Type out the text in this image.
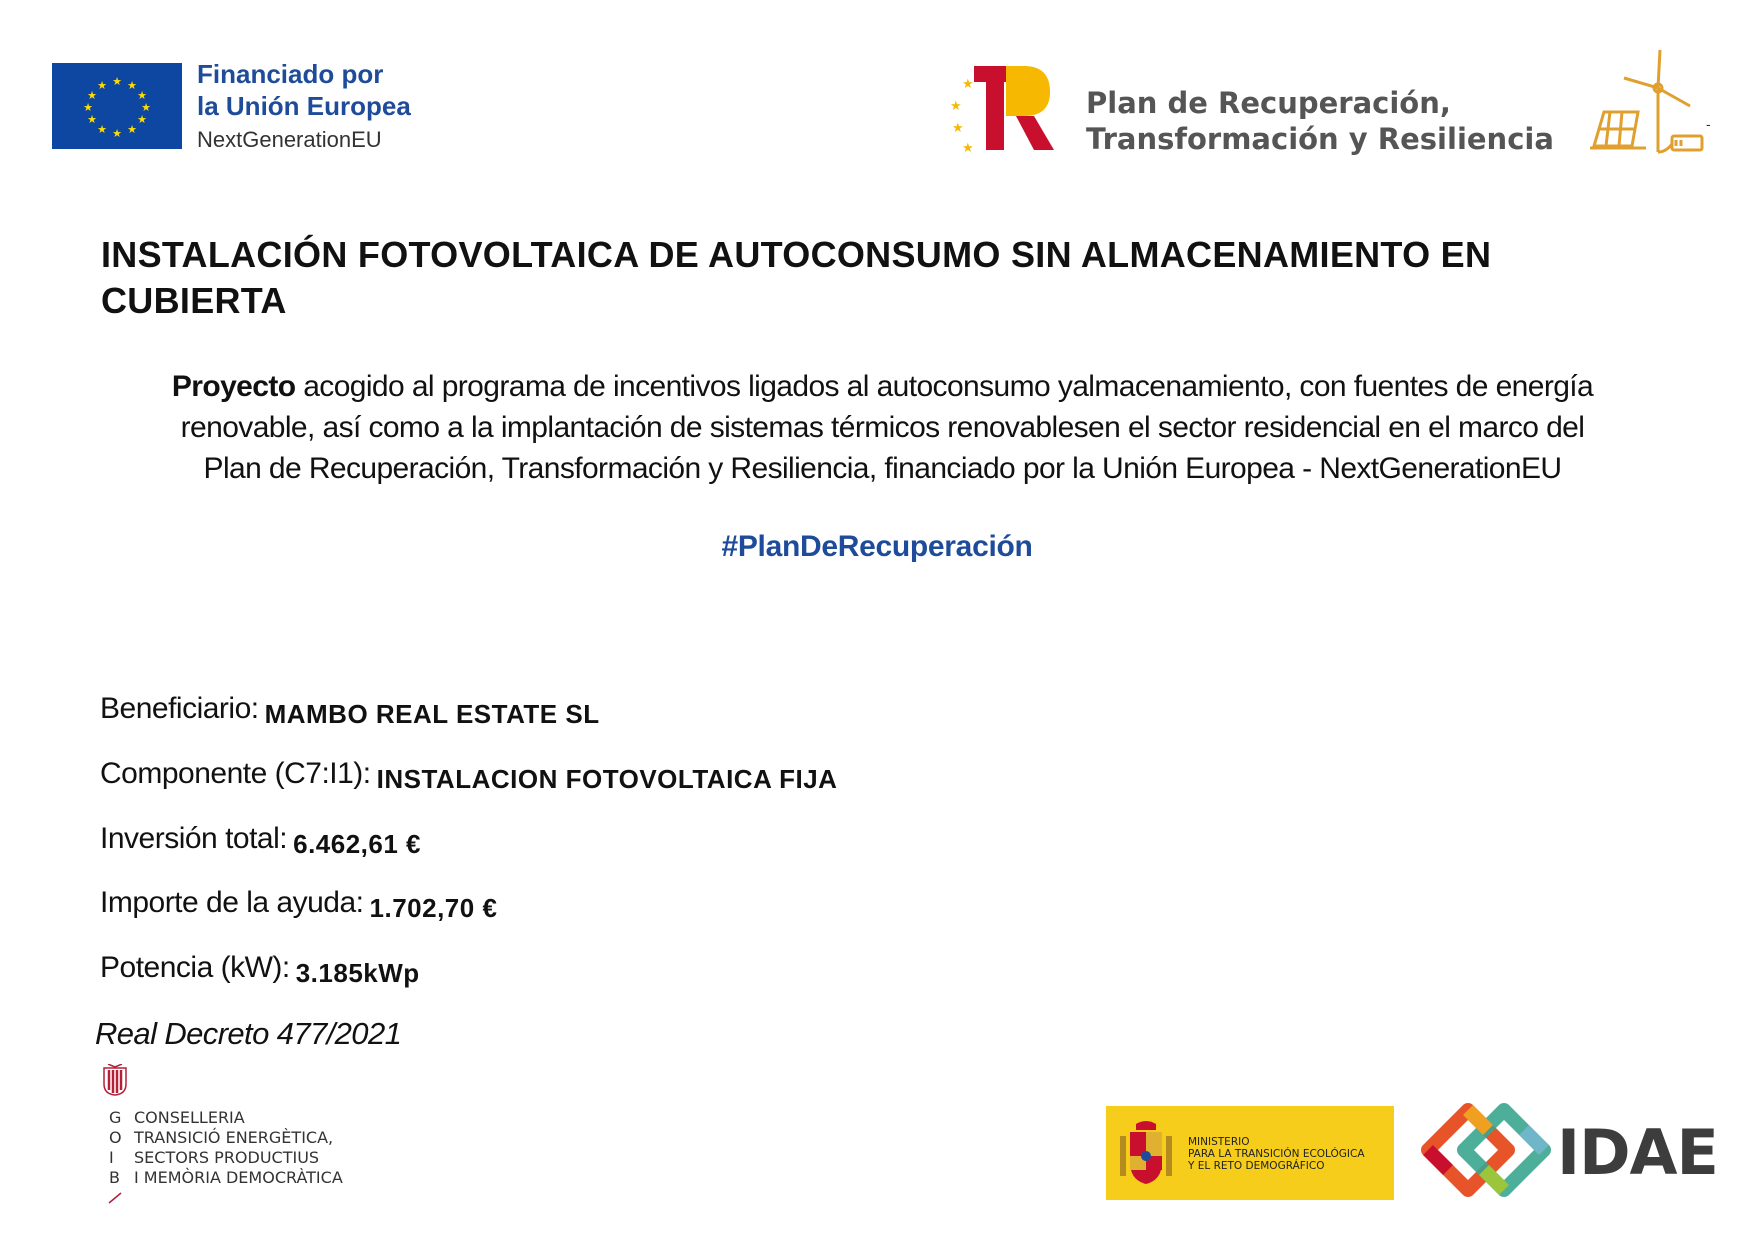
★ ★
★
★
★
★
★
★
★
★
★
★	Financiado por
la Unión Europea
NextGenerationEU
★
★
★
★
Plan de Recuperación,
Transformación y Resiliencia	-
INSTALACIÓN FOTOVOLTAICA DE AUTOCONSUMO SIN ALMACENAMIENTO EN CUBIERTA
Proyecto acogido al programa de incentivos ligados al autoconsumo yalmacenamiento, con fuentes de energía
renovable, así como a la implantación de sistemas térmicos renovablesen el sector residencial en el marco del
Plan de Recuperación, Transformación y Resiliencia, financiado por la Unión Europea - NextGenerationEU
#PlanDeRecuperación
Beneficiario: MAMBO REAL ESTATE SL
Componente (C7:I1): INSTALACION FOTOVOLTAICA FIJA
Inversión total: 6.462,61 €
Importe de la ayuda: 1.702,70 €
Potencia (kW): 3.185kWp
Real Decreto 477/2021
G
O
I
B
CONSELLERIA
TRANSICIÓ ENERGÈTICA,
SECTORS PRODUCTIUS
I MEMÒRIA DEMOCRÀTICA
MINISTERIO
PARA LA TRANSICIÓN ECOLÓGICA
Y EL RETO DEMOGRÁFICO	IDAE
